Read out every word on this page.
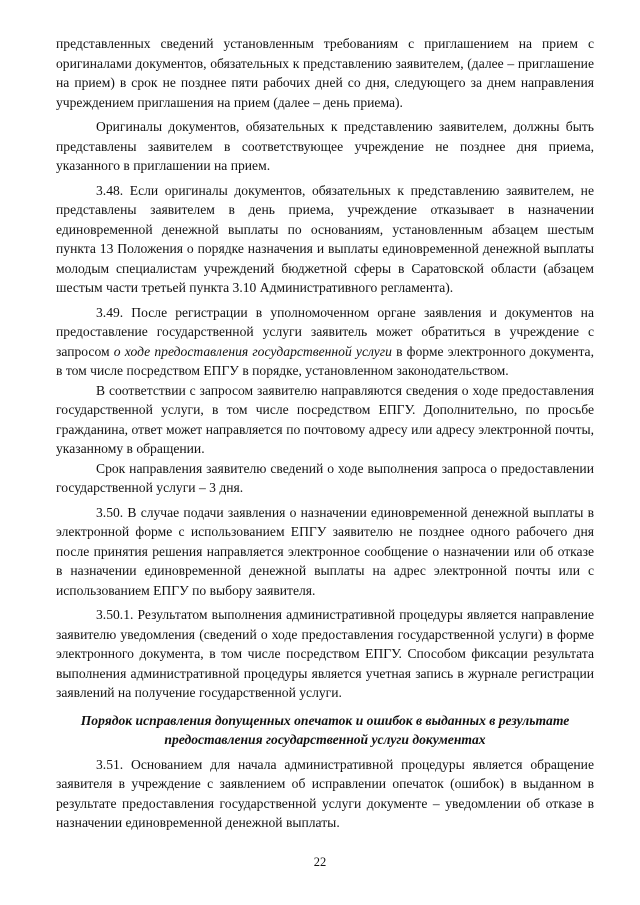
представленных сведений установленным требованиям с приглашением на прием с оригиналами документов, обязательных к представлению заявителем, (далее – приглашение на прием) в срок не позднее пяти рабочих дней со дня, следующего за днем направления учреждением приглашения на прием (далее – день приема).

Оригиналы документов, обязательных к представлению заявителем, должны быть представлены заявителем в соответствующее учреждение не позднее дня приема, указанного в приглашении на прием.

3.48. Если оригиналы документов, обязательных к представлению заявителем, не представлены заявителем в день приема, учреждение отказывает в назначении единовременной денежной выплаты по основаниям, установленным абзацем шестым пункта 13 Положения о порядке назначения и выплаты единовременной денежной выплаты молодым специалистам учреждений бюджетной сферы в Саратовской области (абзацем шестым части третьей пункта 3.10 Административного регламента).

3.49. После регистрации в уполномоченном органе заявления и документов на предоставление государственной услуги заявитель может обратиться в учреждение с запросом о ходе предоставления государственной услуги в форме электронного документа, в том числе посредством ЕПГУ в порядке, установленном законодательством.

В соответствии с запросом заявителю направляются сведения о ходе предоставления государственной услуги, в том числе посредством ЕПГУ. Дополнительно, по просьбе гражданина, ответ может направляется по почтовому адресу или адресу электронной почты, указанному в обращении.

Срок направления заявителю сведений о ходе выполнения запроса о предоставлении государственной услуги – 3 дня.

3.50. В случае подачи заявления о назначении единовременной денежной выплаты в электронной форме с использованием ЕПГУ заявителю не позднее одного рабочего дня после принятия решения направляется электронное сообщение о назначении или об отказе в назначении единовременной денежной выплаты на адрес электронной почты или с использованием ЕПГУ по выбору заявителя.

3.50.1. Результатом выполнения административной процедуры является направление заявителю уведомления (сведений о ходе предоставления государственной услуги) в форме электронного документа, в том числе посредством ЕПГУ. Способом фиксации результата выполнения административной процедуры является учетная запись в журнале регистрации заявлений на получение государственной услуги.

Порядок исправления допущенных опечаток и ошибок в выданных в результате предоставления государственной услуги документах

3.51. Основанием для начала административной процедуры является обращение заявителя в учреждение с заявлением об исправлении опечаток (ошибок) в выданном в результате предоставления государственной услуги документе – уведомлении об отказе в назначении единовременной денежной выплаты.

22
